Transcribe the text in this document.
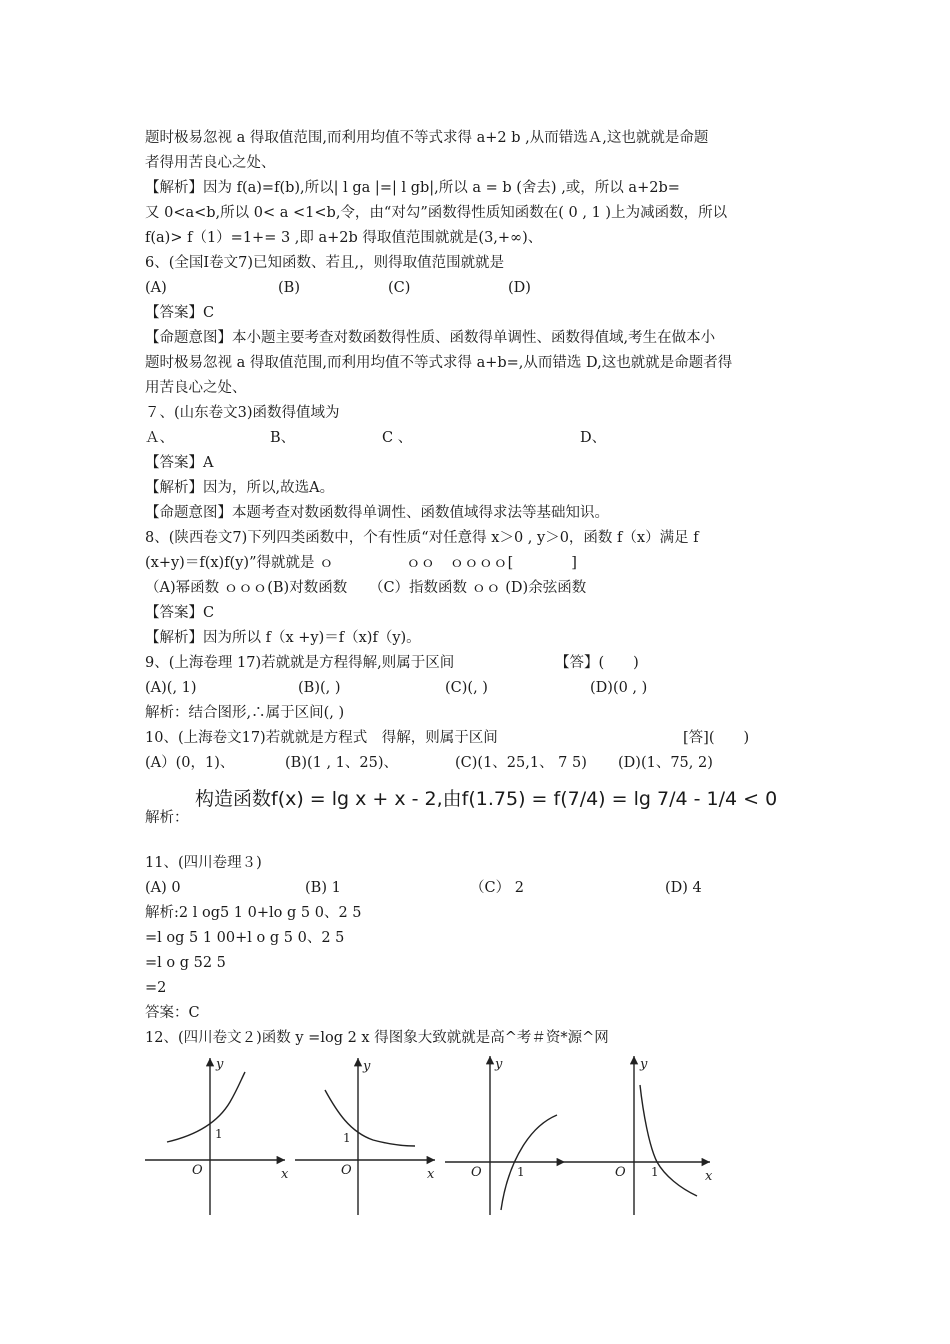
题时极易忽视 a 得取值范围,而利用均值不等式求得 a+2 b ,从而错选Ａ,这也就就是命题
者得用苦良心之处、
【解析】因为 f(a)=f(b),所以| l ga |=| l gb|,所以 a = b (舍去) ,或，所以 a+2b=
又 0<a<b,所以 0< a <1<b,令，由“对勾”函数得性质知函数在( 0 , 1 )上为减函数，所以
f(a)> f（1）=1+= 3 ,即 a+2b 得取值范围就就是(3,+∞)、
6、(全国Ⅰ卷文7)已知函数、若且,，则得取值范围就就是
(A)	(B)	(C)	(D)
【答案】C
【命题意图】本小题主要考查对数函数得性质、函数得单调性、函数得值域,考生在做本小
题时极易忽视 a 得取值范围,而利用均值不等式求得 a+b=,从而错选 D,这也就就是命题者得
用苦良心之处、
７、(山东卷文3)函数得值域为
Ａ、	B、	C 、	D、
【答案】A
【解析】因为，所以,故选A。
【命题意图】本题考查对数函数得单调性、函数值域得求法等基础知识。
8、(陕西卷文7)下列四类函数中，个有性质“对任意得 x＞0 , y＞0，函数 f（x）满足 f
(x+y)＝f(x)f(y)”得就就是 ｏ　　　　　ｏｏ　ｏｏｏｏ[　　　　]
（A)幂函数 ｏｏｏ(B)对数函数　　（C）指数函数 ｏｏ (D)余弦函数
【答案】C
【解析】因为所以 f（x +y)＝f（x)f（y)。
9、(上海卷理 17)若就就是方程得解,则属于区间	【答】(　　)
(A)(, 1)	(B)(, )	(C)(, )	(D)(0 , )
解析：结合图形,∴属于区间(, )
10、(上海卷文17)若就就是方程式　得解，则属于区间	[答](　　)
(A）(0，1)、	(B)(1 , 1、25)、	(C)(1、25,1、 7 5) (D)(1、75, 2)
构造函数f(x) = lg x + x - 2,由f(1.75) = f(7/4) = lg 7/4 - 1/4 < 0
解析：
11、(四川卷理３)
(A) 0	(B) 1	（C） 2	(D) 4
解析:2 l og5 1 0+lo g 5 0、2 5
=l og 5 1 00+l o g 5 0、2 5
=l o g 52 5
=2
答案：C
12、(四川卷文２)函数 y =log 2 x 得图象大致就就是高^考＃资*源^网
y
x
O
y
x
O
y
O
y
x
O
1	1
1	1
